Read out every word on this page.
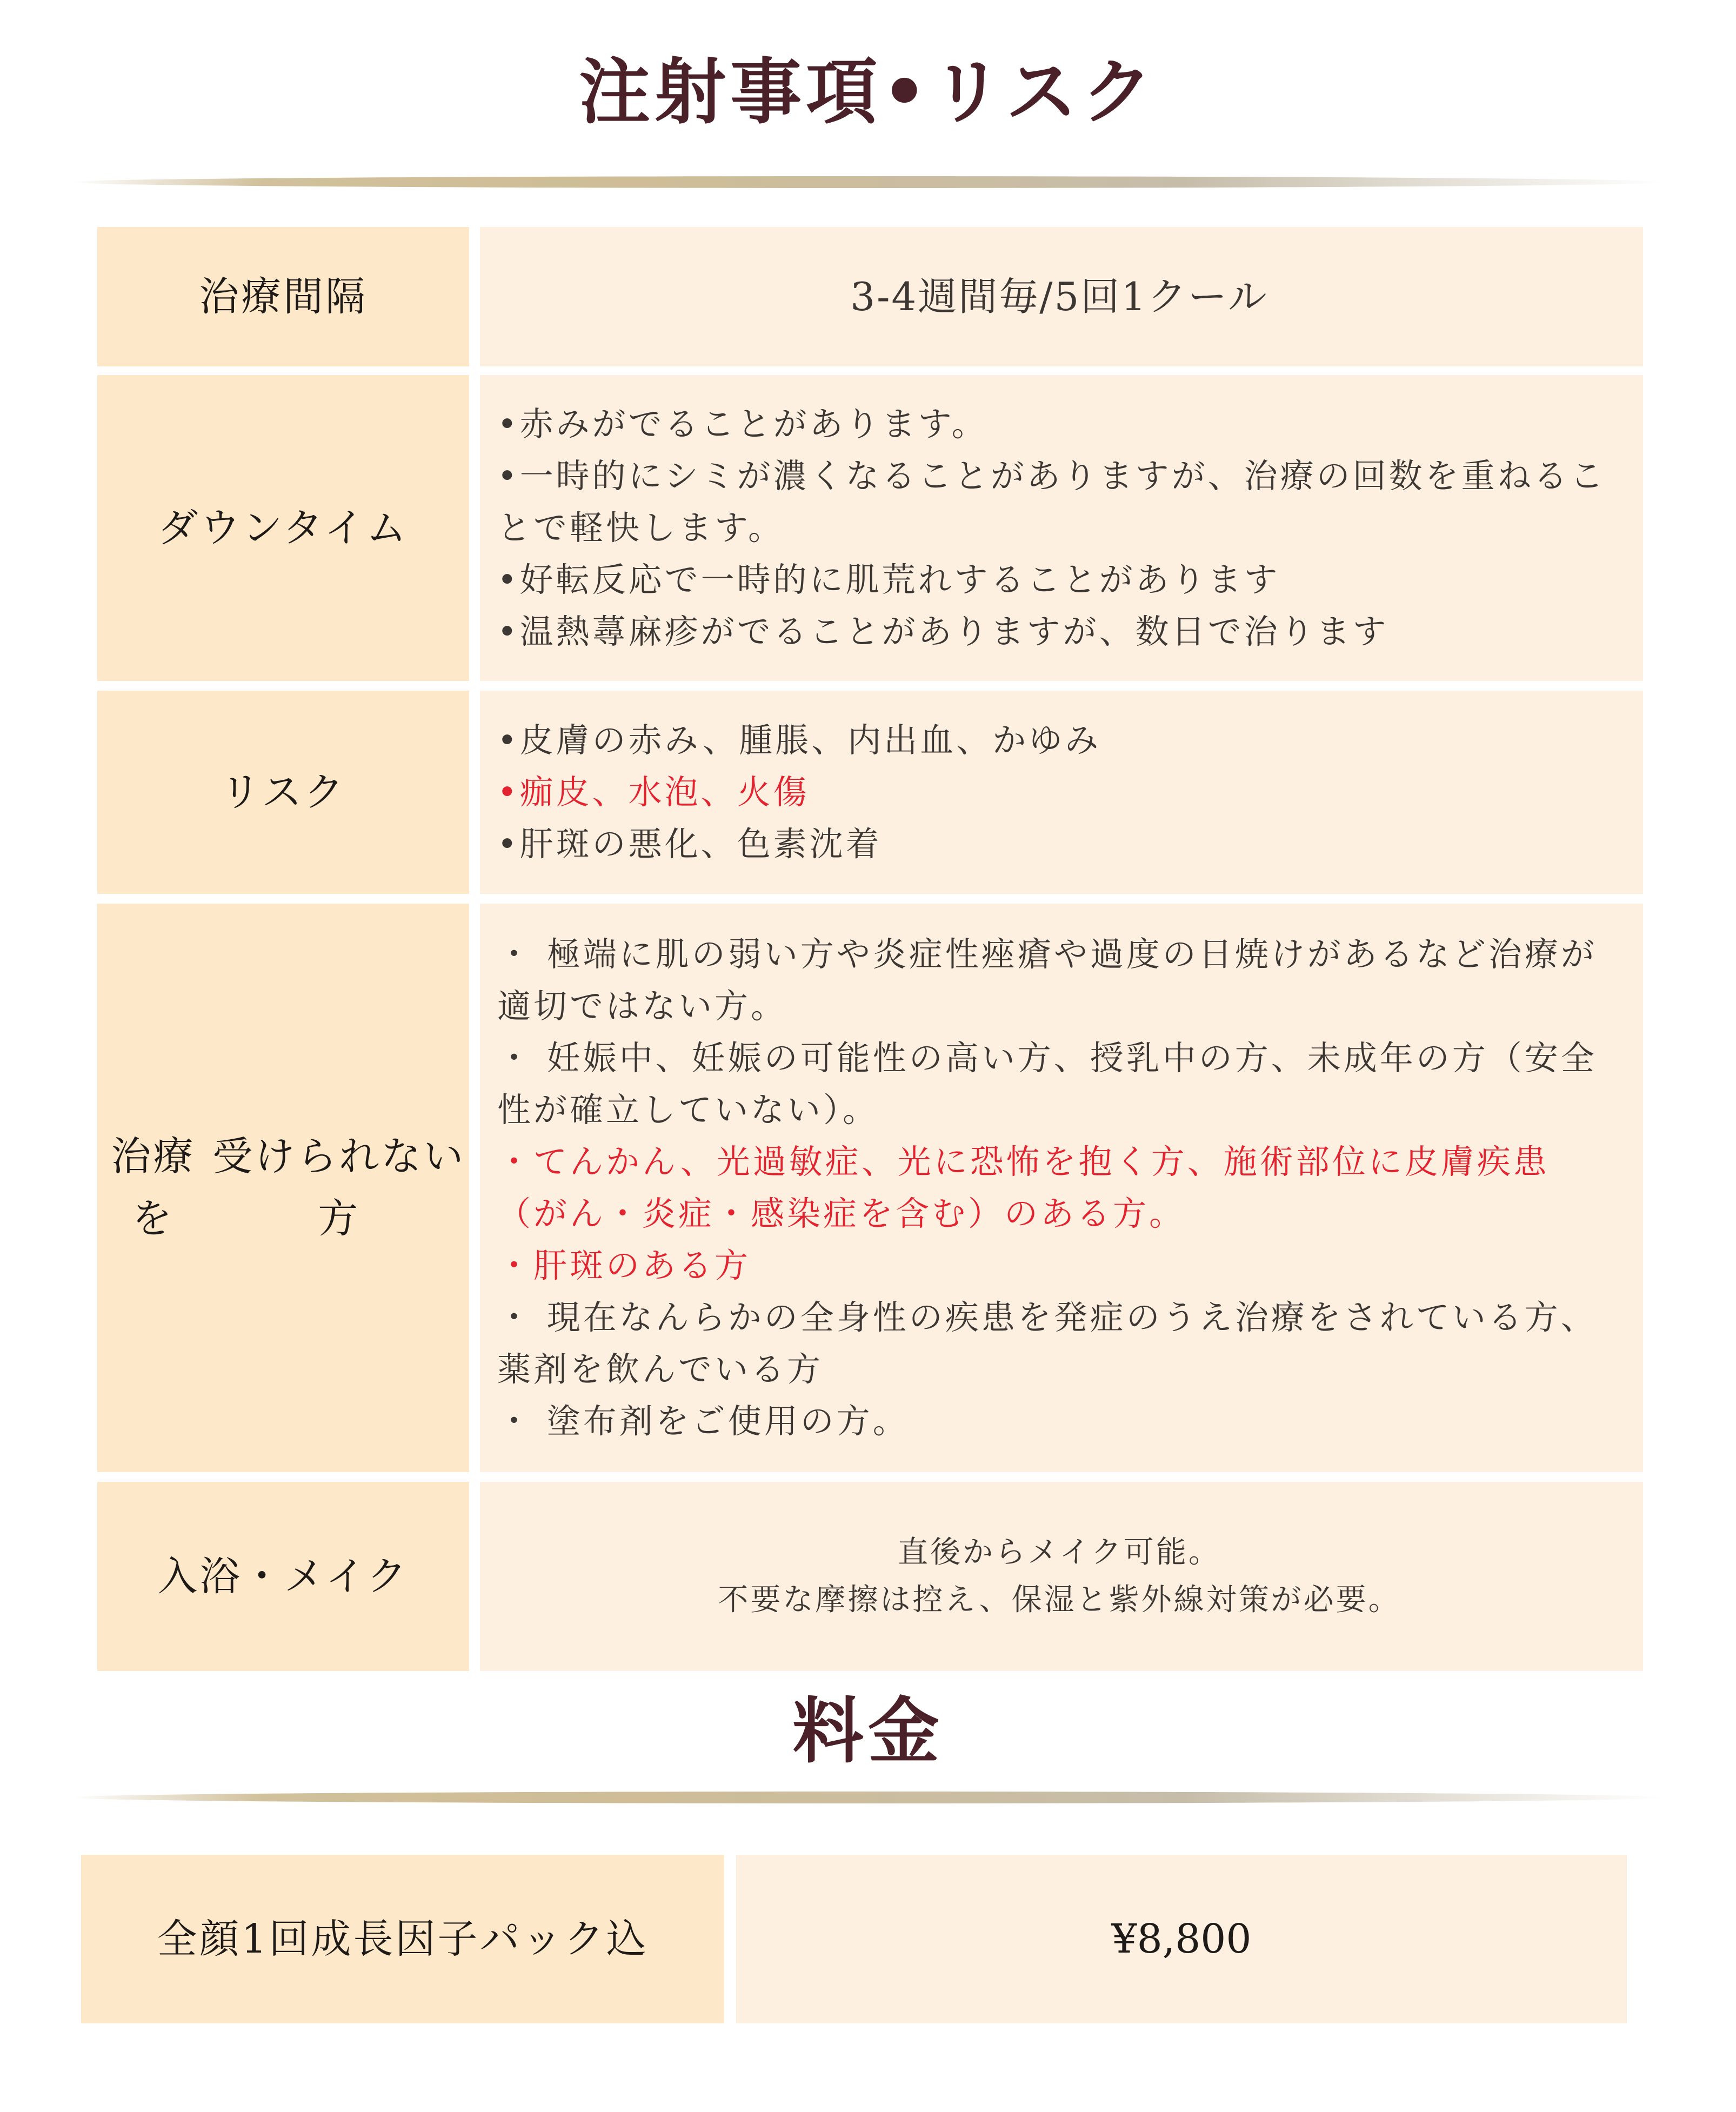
注射事項•リスク
治療間隔	3-4週間毎/5回1クール
ダウンタイム
•赤みがでることがあります。
•一時的にシミが濃くなることがありますが、治療の回数を重ねるこ
とで軽快します。
•好転反応で一時的に肌荒れすることがあります
•温熱蕁麻疹がでることがありますが、数日で治ります
リスク
•皮膚の赤み、腫脹、内出血、かゆみ
•痂皮、水泡、火傷
•肝斑の悪化、色素沈着
治療を
受けられない方
・ 極端に肌の弱い方や炎症性痤瘡や過度の日焼けがあるなど治療が
適切ではない方。
・ 妊娠中、妊娠の可能性の高い方、授乳中の方、未成年の方（安全
性が確立していない）。
・てんかん、光過敏症、光に恐怖を抱く方、施術部位に皮膚疾患
（がん・炎症・感染症を含む）のある方。
・肝斑のある方
・ 現在なんらかの全身性の疾患を発症のうえ治療をされている方、
薬剤を飲んでいる方
・ 塗布剤をご使用の方。
入浴・メイク
直後からメイク可能。
不要な摩擦は控え、保湿と紫外線対策が必要。
料金
全顔1回 成長因子パック込	¥8,800
